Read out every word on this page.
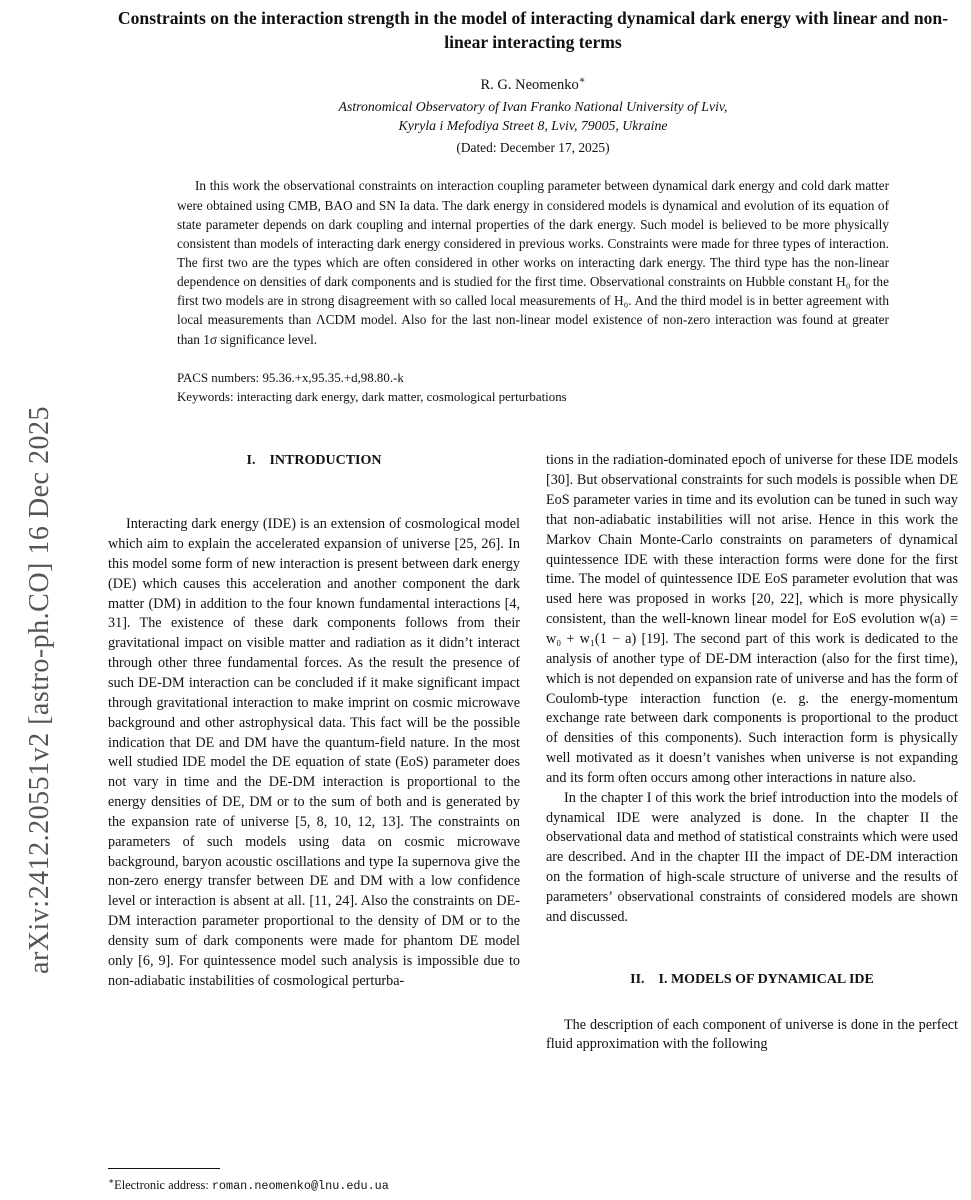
arXiv:2412.20551v2 [astro-ph.CO] 16 Dec 2025
Constraints on the interaction strength in the model of interacting dynamical dark energy with linear and non-linear interacting terms
R. G. Neomenko∗
Astronomical Observatory of Ivan Franko National University of Lviv,
Kyryla i Mefodiya Street 8, Lviv, 79005, Ukraine
(Dated: December 17, 2025)
In this work the observational constraints on interaction coupling parameter between dynamical dark energy and cold dark matter were obtained using CMB, BAO and SN Ia data. The dark energy in considered models is dynamical and evolution of its equation of state parameter depends on dark coupling and internal properties of the dark energy. Such model is believed to be more physically consistent than models of interacting dark energy considered in previous works. Constraints were made for three types of interaction. The first two are the types which are often considered in other works on interacting dark energy. The third type has the non-linear dependence on densities of dark components and is studied for the first time. Observational constraints on Hubble constant H₀ for the first two models are in strong disagreement with so called local measurements of H₀. And the third model is in better agreement with local measurements than ΛCDM model. Also for the last non-linear model existence of non-zero interaction was found at greater than 1σ significance level.
PACS numbers: 95.36.+x,95.35.+d,98.80.-k
Keywords: interacting dark energy, dark matter, cosmological perturbations
I. INTRODUCTION

Interacting dark energy (IDE) is an extension of cosmological model which aim to explain the accelerated expansion of universe [25, 26]. In this model some form of new interaction is present between dark energy (DE) which causes this acceleration and another component the dark matter (DM) in addition to the four known fundamental interactions [4, 31]. The existence of these dark components follows from their gravitational impact on visible matter and radiation as it didn’t interact through other three fundamental forces. As the result the presence of such DE-DM interaction can be concluded if it make significant impact through gravitational interaction to make imprint on cosmic microwave background and other astrophysical data. This fact will be the possible indication that DE and DM have the quantum-field nature. In the most well studied IDE model the DE equation of state (EoS) parameter does not vary in time and the DE-DM interaction is proportional to the energy densities of DE, DM or to the sum of both and is generated by the expansion rate of universe [5, 8, 10, 12, 13]. The constraints on parameters of such models using data on cosmic microwave background, baryon acoustic oscillations and type Ia supernova give the non-zero energy transfer between DE and DM with a low confidence level or interaction is absent at all. [11, 24]. Also the constraints on DE-DM interaction parameter proportional to the density of DM or to the density sum of dark components were made for phantom DE model only [6, 9]. For quintessence model such analysis is impossible due to non-adiabatic instabilities of cosmological perturba-

tions in the radiation-dominated epoch of universe for these IDE models [30]. But observational constraints for such models is possible when DE EoS parameter varies in time and its evolution can be tuned in such way that non-adiabatic instabilities will not arise. Hence in this work the Markov Chain Monte-Carlo constraints on parameters of dynamical quintessence IDE with these interaction forms were done for the first time. The model of quintessence IDE EoS parameter evolution that was used here was proposed in works [20, 22], which is more physically consistent, than the well-known linear model for EoS evolution w(a) = w₀ + w₁(1 − a) [19]. The second part of this work is dedicated to the analysis of another type of DE-DM interaction (also for the first time), which is not depended on expansion rate of universe and has the form of Coulomb-type interaction function (e. g. the energy-momentum exchange rate between dark components is proportional to the product of densities of this components). Such interaction form is physically well motivated as it doesn’t vanishes when universe is not expanding and its form often occurs among other interactions in nature also.

In the chapter I of this work the brief introduction into the models of dynamical IDE were analyzed is done. In the chapter II the observational data and method of statistical constraints which were used are described. And in the chapter III the impact of DE-DM interaction on the formation of high-scale structure of universe and the results of parameters’ observational constraints of considered models are shown and discussed.

II. I. MODELS OF DYNAMICAL IDE

The description of each component of universe is done in the perfect fluid approximation with the following

∗Electronic address: roman.neomenko@lnu.edu.ua
